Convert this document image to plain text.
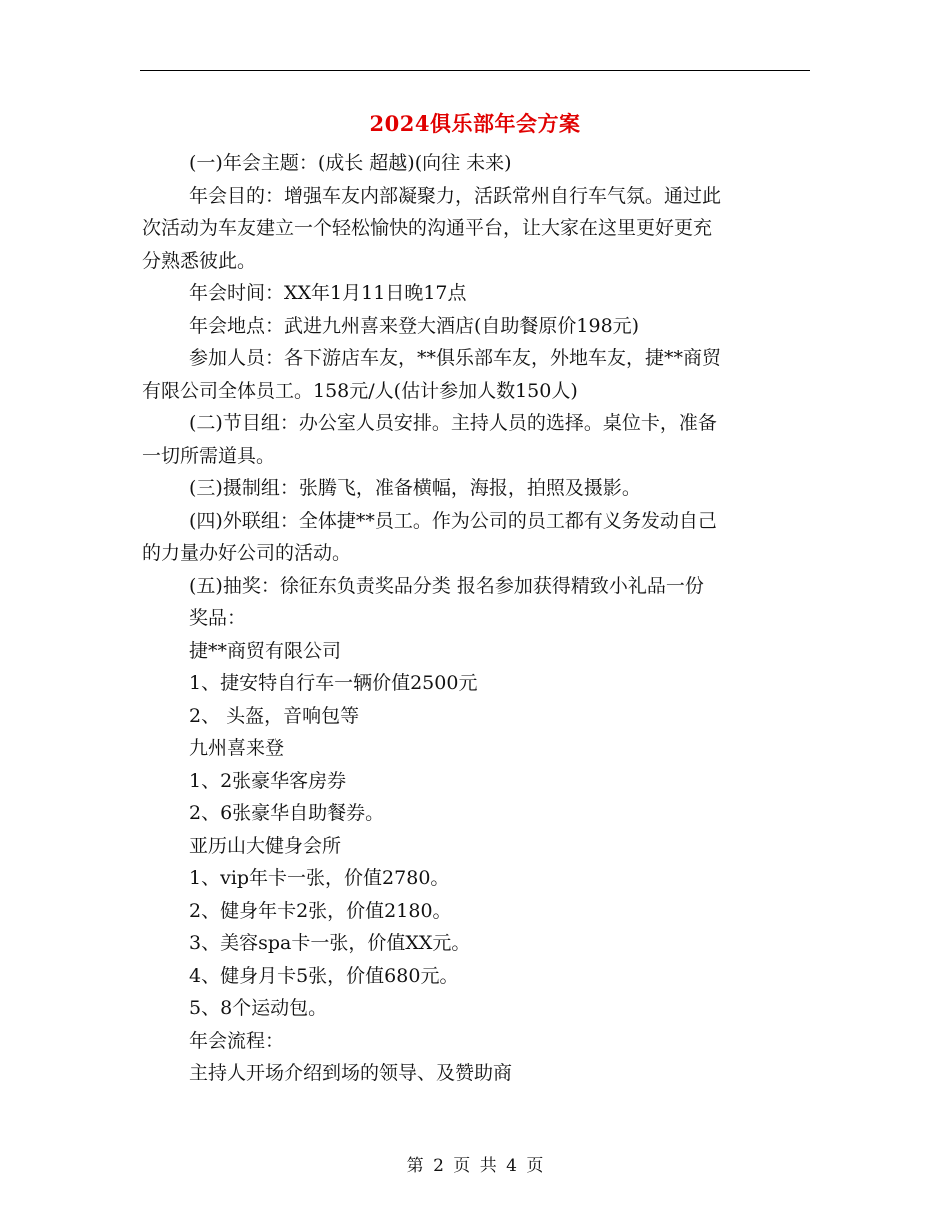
2024俱乐部年会方案
(一)年会主题：(成长 超越)(向往 未来)
年会目的：增强车友内部凝聚力，活跃常州自行车气氛。通过此
次活动为车友建立一个轻松愉快的沟通平台，让大家在这里更好更充
分熟悉彼此。
年会时间：XX年1月11日晚17点
年会地点：武进九州喜来登大酒店(自助餐原价198元)
参加人员：各下游店车友，**俱乐部车友，外地车友，捷**商贸
有限公司全体员工。158元/人(估计参加人数150人)
(二)节目组：办公室人员安排。主持人员的选择。桌位卡，准备
一切所需道具。
(三)摄制组：张腾飞，准备横幅，海报，拍照及摄影。
(四)外联组：全体捷**员工。作为公司的员工都有义务发动自己
的力量办好公司的活动。
(五)抽奖：徐征东负责奖品分类 报名参加获得精致小礼品一份
奖品：
捷**商贸有限公司
1、捷安特自行车一辆价值2500元
2、 头盔，音响包等
九州喜来登
1、2张豪华客房券
2、6张豪华自助餐券。
亚历山大健身会所
1、vip年卡一张，价值2780。
2、健身年卡2张，价值2180。
3、美容spa卡一张，价值XX元。
4、健身月卡5张，价值680元。
5、8个运动包。
年会流程：
主持人开场介绍到场的领导、及赞助商
第 2 页 共 4 页
